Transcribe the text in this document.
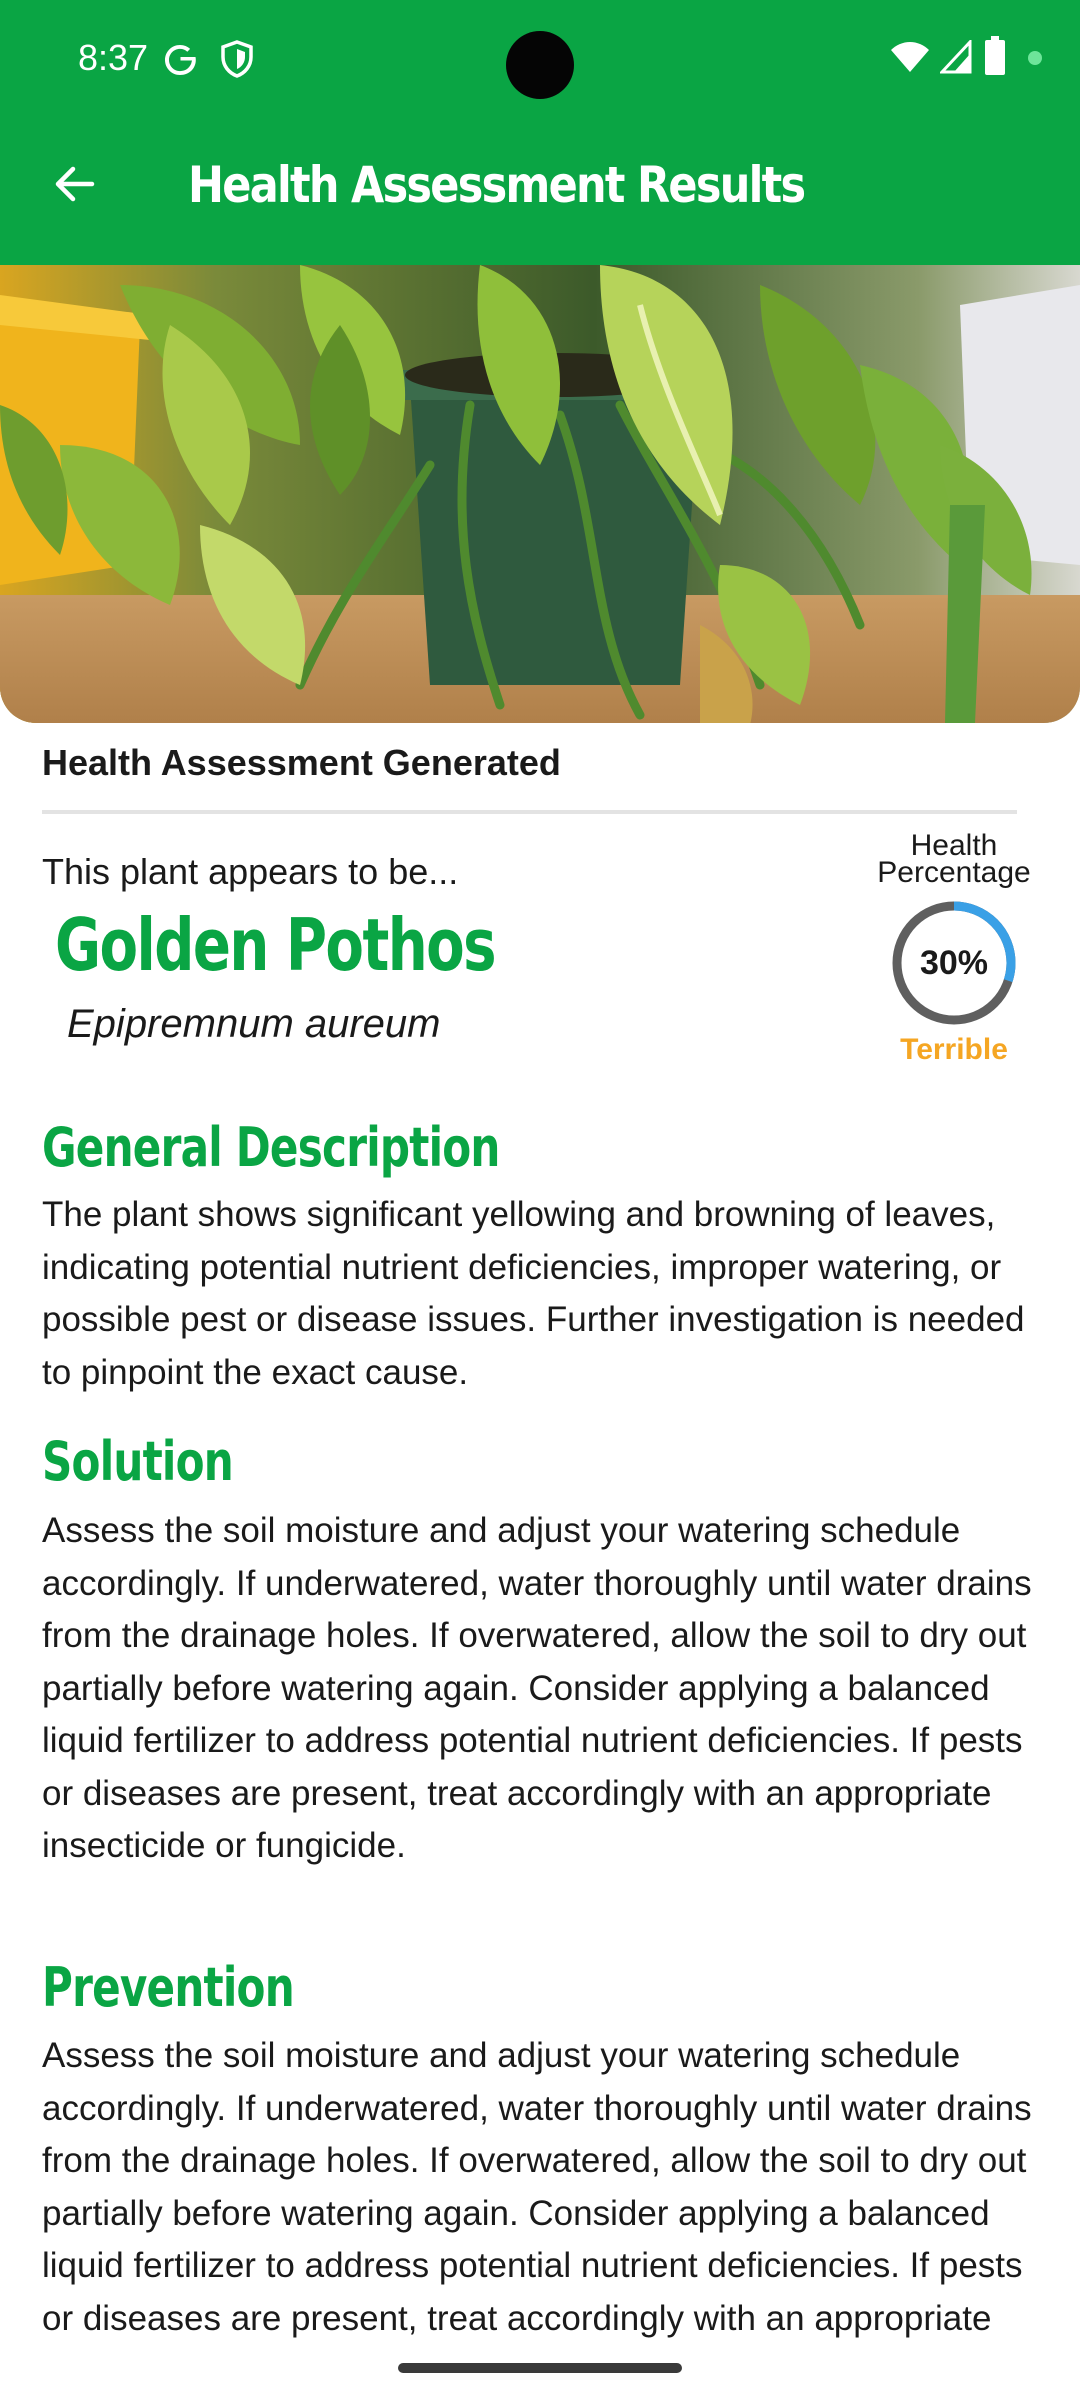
8:37
Health Assessment Results
Health Assessment Generated
This plant appears to be...
Golden Pothos
Epipremnum aureum
Health
Percentage
30%
Terrible
General Description

The plant shows significant yellowing and browning of leaves, indicating potential nutrient deficiencies, improper watering, or possible pest or disease issues. Further investigation is needed to pinpoint the exact cause.

Solution

Assess the soil moisture and adjust your watering schedule accordingly. If underwatered, water thoroughly until water drains from the drainage holes. If overwatered, allow the soil to dry out partially before watering again. Consider applying a balanced liquid fertilizer to address potential nutrient deficiencies. If pests or diseases are present, treat accordingly with an appropriate insecticide or fungicide.

Prevention

Assess the soil moisture and adjust your watering schedule accordingly. If underwatered, water thoroughly until water drains from the drainage holes. If overwatered, allow the soil to dry out partially before watering again. Consider applying a balanced liquid fertilizer to address potential nutrient deficiencies. If pests or diseases are present, treat accordingly with an appropriate
